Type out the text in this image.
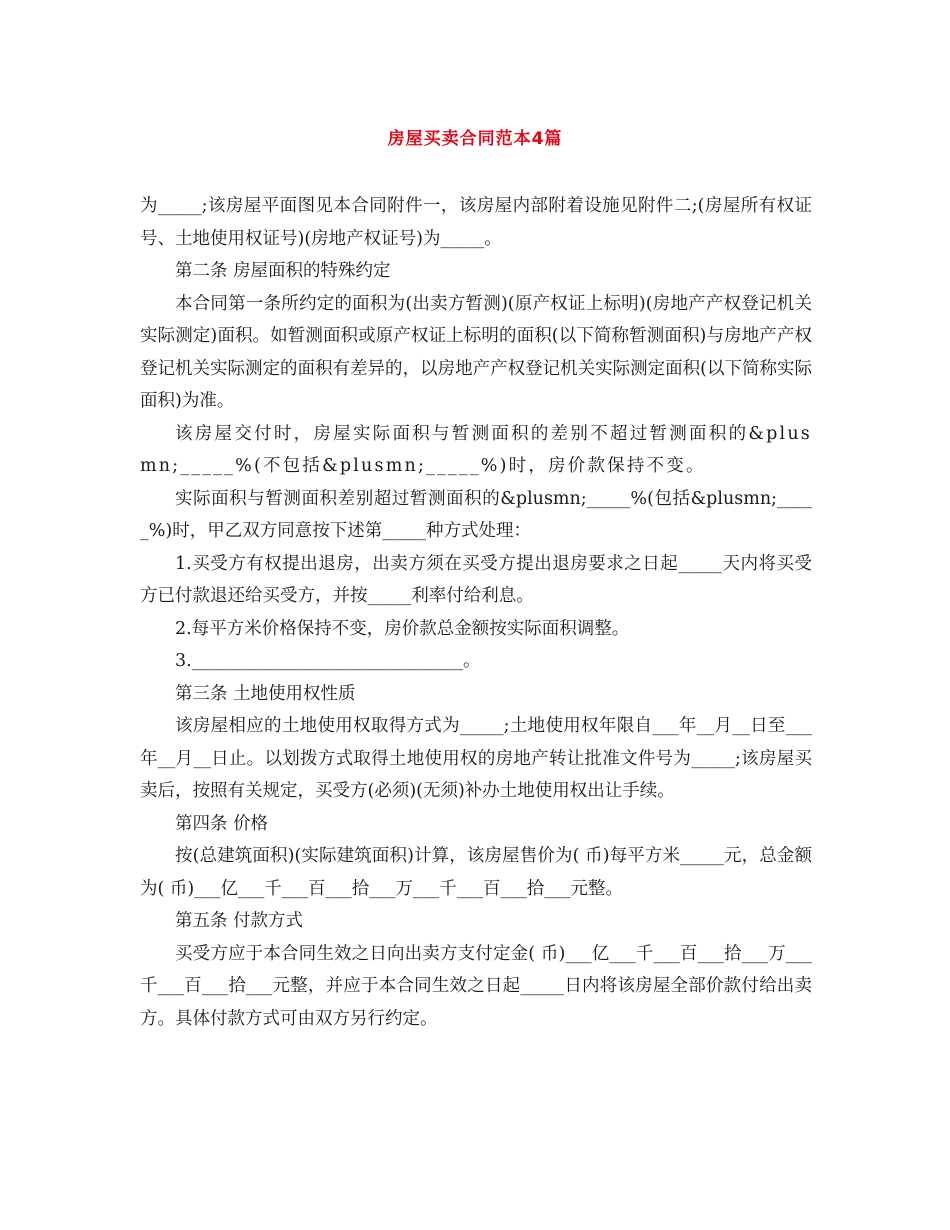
房屋买卖合同范本4篇

为_____;该房屋平面图见本合同附件一，该房屋内部附着设施见附件二;(房屋所有权证号、土地使用权证号)(房地产权证号)为_____。

第二条 房屋面积的特殊约定

本合同第一条所约定的面积为(出卖方暂测)(原产权证上标明)(房地产产权登记机关实际测定)面积。如暂测面积或原产权证上标明的面积(以下简称暂测面积)与房地产产权登记机关实际测定的面积有差异的，以房地产产权登记机关实际测定面积(以下简称实际面积)为准。

该房屋交付时，房屋实际面积与暂测面积的差别不超过暂测面积的&plusmn;_____%(不包括&plusmn;_____%)时，房价款保持不变。

实际面积与暂测面积差别超过暂测面积的&plusmn;_____%(包括&plusmn;_____%)时，甲乙双方同意按下述第_____种方式处理：

1.买受方有权提出退房，出卖方须在买受方提出退房要求之日起_____天内将买受方已付款退还给买受方，并按_____利率付给利息。

2.每平方米价格保持不变，房价款总金额按实际面积调整。

3._______________________________。

第三条 土地使用权性质

该房屋相应的土地使用权取得方式为_____;土地使用权年限自___年__月__日至___年__月__日止。以划拨方式取得土地使用权的房地产转让批准文件号为_____;该房屋买卖后，按照有关规定，买受方(必须)(无须)补办土地使用权出让手续。

第四条 价格

按(总建筑面积)(实际建筑面积)计算，该房屋售价为( 币)每平方米_____元，总金额为( 币)___亿___千___百___拾___万___千___百___拾___元整。

第五条 付款方式

买受方应于本合同生效之日向出卖方支付定金( 币)___亿___千___百___拾___万___千___百___拾___元整，并应于本合同生效之日起_____日内将该房屋全部价款付给出卖方。具体付款方式可由双方另行约定。
